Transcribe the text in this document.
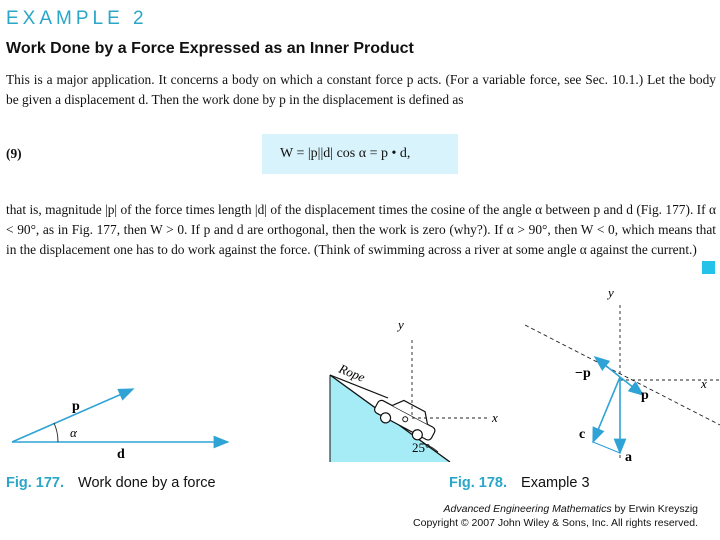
EXAMPLE 2
Work Done by a Force Expressed as an Inner Product
This is a major application. It concerns a body on which a constant force p acts. (For a variable force, see Sec. 10.1.) Let the body be given a displacement d. Then the work done by p in the displacement is defined as
(9)	W = |p||d| cos α = p • d,
that is, magnitude |p| of the force times length |d| of the displacement times the cosine of the angle α between p and d (Fig. 177). If α < 90°, as in Fig. 177, then W > 0. If p and d are orthogonal, then the work is zero (why?). If α > 90°, then W < 0, which means that in the displacement one has to do work against the force. (Think of swimming across a river at some angle α against the current.)
p
α
d
Rope
y
x
25°
y
x
−p
p
c
a
Fig. 177. Work done by a force	Fig. 178. Example 3
Advanced Engineering Mathematics by Erwin Kreyszig
Copyright © 2007 John Wiley & Sons, Inc. All rights reserved.
